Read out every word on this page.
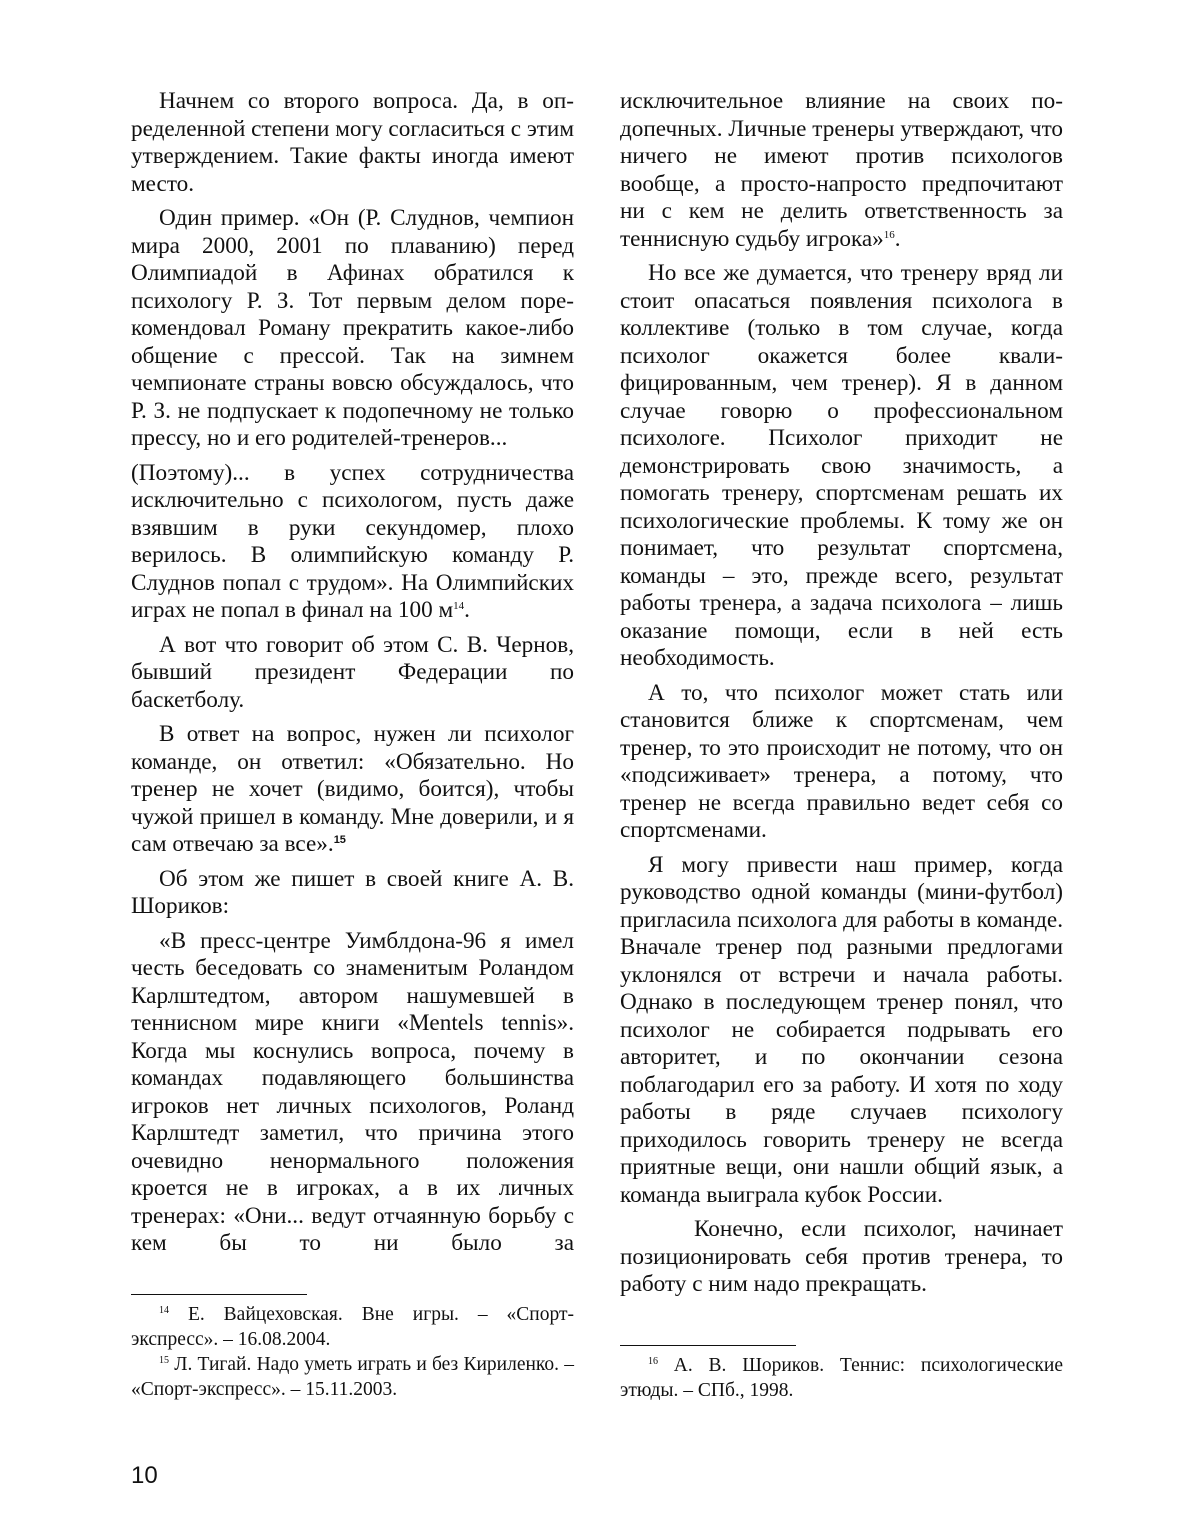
Начнем со второго вопроса. Да, в определенной степени могу согласиться с этим утверждением. Такие факты иногда имеют место.

Один пример. «Он (Р. Слуднов, чемпион мира 2000, 2001 по плаванию) перед Олимпиадой в Афинах обратился к психологу Р. З. Тот первым делом порекомендовал Роману прекратить какое-либо общение с прессой. Так на зимнем чемпионате страны вовсю обсуждалось, что Р. З. не подпускает к подопечному не только прессу, но и его родителей-тренеров...

(Поэтому)... в успех сотрудничества исключительно с психологом, пусть даже взявшим в руки секундомер, плохо верилось. В олимпийскую команду Р. Слуднов попал с трудом». На Олимпийских играх не попал в финал на 100 $м^{14}$.

А вот что говорит об этом С. В. Чернов, бывший президент Федерации по баскетболу.

В ответ на вопрос, нужен ли психолог команде, он ответил: «Обязательно. Но тренер не хочет (видимо, боится), чтобы чужой пришел в команду. Мне доверили, и я сам отвечаю за все».$^{15}$

Об этом же пишет в своей книге А. В. Шориков:

«В пресс-центре Уимблдона-96 я имел честь беседовать со знаменитым Роландом Карлштедтом, автором нашумевшей в теннисном мире книги «Mentels tennis». Когда мы коснулись вопроса, почему в командах подавляющего большинства игроков нет личных психологов, Роланд Карлштедт заметил, что причина этого очевидно ненормального положения кроется не в игроках, а в их личных тренерах: «Они... ведут отчаянную борьбу с кем бы то ни было за

исключительное влияние на своих подопечных. Личные тренеры утверждают, что ничего не имеют против психологов вообще, а просто-напросто предпочитают ни с кем не делить ответственность за теннисную судьбу игрока»$^{16}$.

Но все же думается, что тренеру вряд ли стоит опасаться появления психолога в коллективе (только в том случае, когда психолог окажется более квалифицированным, чем тренер). Я в данном случае говорю о профессиональном психологе. Психолог приходит не демонстрировать свою значимость, а помогать тренеру, спортсменам решать их психологические проблемы. К тому же он понимает, что результат спортсмена, команды – это, прежде всего, результат работы тренера, а задача психолога – лишь оказание помощи, если в ней есть необходимость.

А то, что психолог может стать или становится ближе к спортсменам, чем тренер, то это происходит не потому, что он «подсиживает» тренера, а потому, что тренер не всегда правильно ведет себя со спортсменами.

Я могу привести наш пример, когда руководство одной команды (мини-футбол) пригласила психолога для работы в команде. Вначале тренер под разными предлогами уклонялся от встречи и начала работы. Однако в последующем тренер понял, что психолог не собирается подрывать его авторитет, и по окончании сезона поблагодарил его за работу. И хотя по ходу работы в ряде случаев психологу приходилось говорить тренеру не всегда приятные вещи, они нашли общий язык, а команда выиграла кубок России.

Конечно, если психолог, начинает позиционировать себя против тренера, то работу с ним надо прекращать.

$^{14}$ Е. Вайцеховская. Вне игры. – «Спорт-экспресс». – 16.08.2004.

$^{15}$ Л. Тигай. Надо уметь играть и без Кириленко. – «Спорт-экспресс». – 15.11.2003.

$^{16}$ А. В. Шориков. Теннис: психологические этюды. – СПб., 1998.

10
